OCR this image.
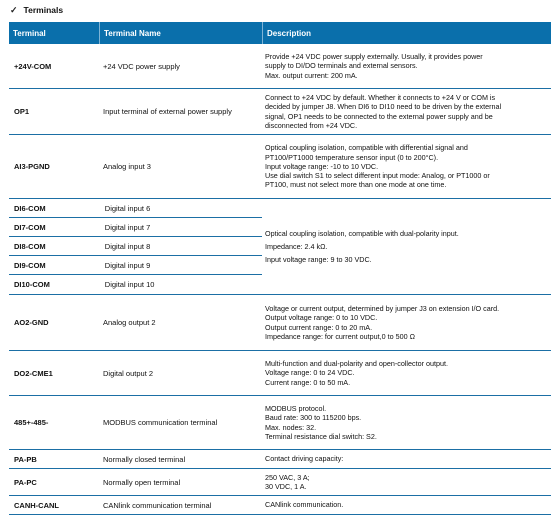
✓ Terminals
Terminal	Terminal Name	Description
+24V-COM	+24 VDC power supply
Provide +24 VDC power supply externally. Usually, it provides power
supply to DI/DO terminals and external sensors.
Max. output current: 200 mA.
OP1	Input terminal of external power supply
Connect to +24 VDC by default. Whether it connects to +24 V or COM is
decided by jumper J8. When DI6 to DI10 need to be driven by the external
signal, OP1 needs to be connected to the external power supply and be
disconnected from +24 VDC.
AI3-PGND	Analog input 3
Optical coupling isolation, compatible with differential signal and
PT100/PT1000 temperature sensor input (0 to 200°C).
Input voltage range: -10 to 10 VDC.
Use dial switch S1 to select different input mode: Analog, or PT1000 or
PT100, must not select more than one mode at one time.
DI6-COM	Digital input 6
DI7-COM	Digital input 7
DI8-COM	Digital input 8
DI9-COM	Digital input 9
DI10-COM	Digital input 10
Optical coupling isolation, compatible with dual-polarity input.
Impedance: 2.4 kΩ.
Input voltage range: 9 to 30 VDC.
AO2-GND	Analog output 2
Voltage or current output, determined by jumper J3 on extension I/O card.
Output voltage range: 0 to 10 VDC.
Output current range: 0 to 20 mA.
Impedance range: for current output,0 to 500 Ω
DO2-CME1	Digital output 2
Multi-function and dual-polarity and open-collector output.
Voltage range: 0 to 24 VDC.
Current range: 0 to 50 mA.
485+-485-	MODBUS communication terminal
MODBUS protocol.
Baud rate: 300 to 115200 bps.
Max. nodes: 32.
Terminal resistance dial switch: S2.
PA-PB	Normally closed terminal	Contact driving capacity:
PA-PC	Normally open terminal
250 VAC, 3 A;
30 VDC, 1 A.
CANH-CANL	CANlink communication terminal	CANlink communication.
